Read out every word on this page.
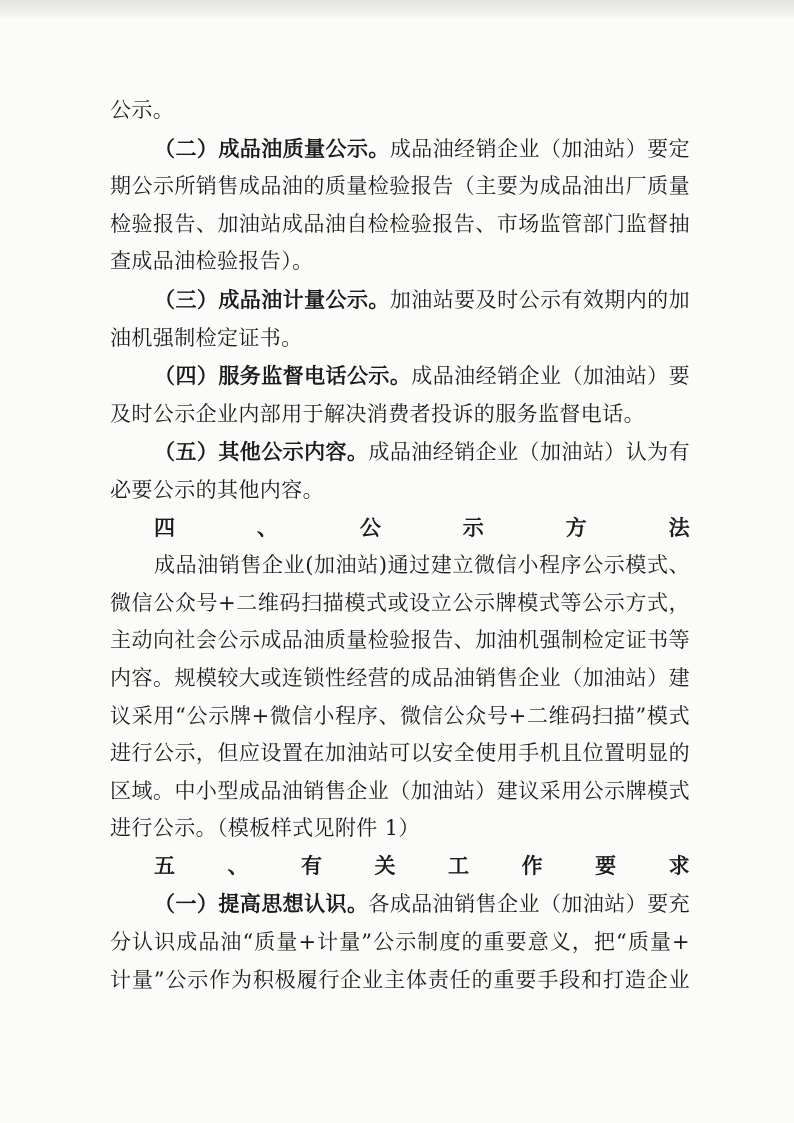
公示。

（二）成品油质量公示。成品油经销企业（加油站）要定

期公示所销售成品油的质量检验报告（主要为成品油出厂质量

检验报告、加油站成品油自检检验报告、市场监管部门监督抽

查成品油检验报告）。

（三）成品油计量公示。加油站要及时公示有效期内的加

油机强制检定证书。

（四）服务监督电话公示。成品油经销企业（加油站）要

及时公示企业内部用于解决消费者投诉的服务监督电话。

（五）其他公示内容。成品油经销企业（加油站）认为有

必要公示的其他内容。

四、公示方法

成品油销售企业(加油站)通过建立微信小程序公示模式、

微信公众号+二维码扫描模式或设立公示牌模式等公示方式，

主动向社会公示成品油质量检验报告、加油机强制检定证书等

内容。规模较大或连锁性经营的成品油销售企业（加油站）建

议采用“公示牌+微信小程序、微信公众号+二维码扫描”模式

进行公示，但应设置在加油站可以安全使用手机且位置明显的

区域。中小型成品油销售企业（加油站）建议采用公示牌模式

进行公示。（模板样式见附件 1）

五、有关工作要求

（一）提高思想认识。各成品油销售企业（加油站）要充

分认识成品油“质量+计量”公示制度的重要意义，把“质量+

计量”公示作为积极履行企业主体责任的重要手段和打造企业
